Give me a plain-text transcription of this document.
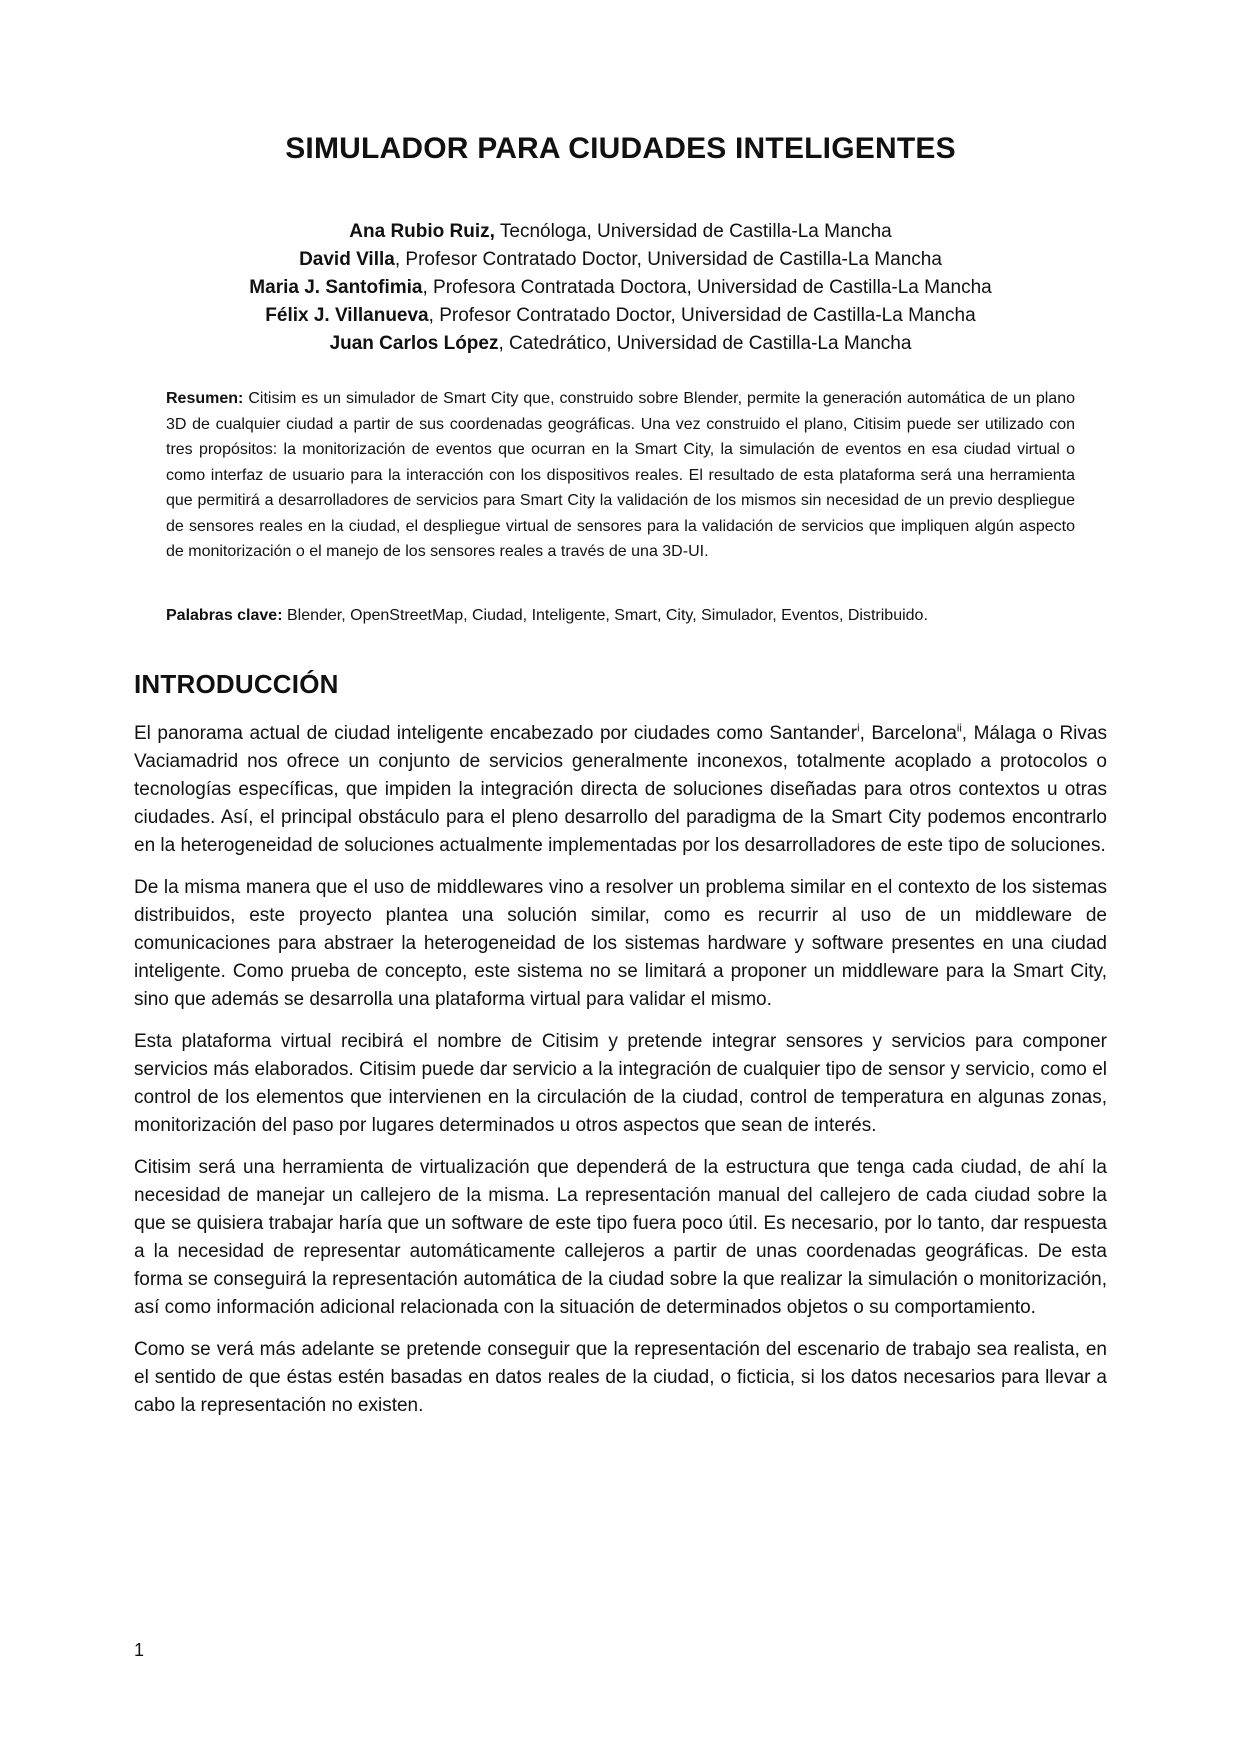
SIMULADOR PARA CIUDADES INTELIGENTES
Ana Rubio Ruiz, Tecnóloga, Universidad de Castilla-La Mancha
David Villa, Profesor Contratado Doctor, Universidad de Castilla-La Mancha
Maria J. Santofimia, Profesora Contratada Doctora, Universidad de Castilla-La Mancha
Félix J. Villanueva, Profesor Contratado Doctor, Universidad de Castilla-La Mancha
Juan Carlos López, Catedrático, Universidad de Castilla-La Mancha
Resumen: Citisim es un simulador de Smart City que, construido sobre Blender, permite la generación automática de un plano 3D de cualquier ciudad a partir de sus coordenadas geográficas. Una vez construido el plano, Citisim puede ser utilizado con tres propósitos: la monitorización de eventos que ocurran en la Smart City, la simulación de eventos en esa ciudad virtual o como interfaz de usuario para la interacción con los dispositivos reales. El resultado de esta plataforma será una herramienta que permitirá a desarrolladores de servicios para Smart City la validación de los mismos sin necesidad de un previo despliegue de sensores reales en la ciudad, el despliegue virtual de sensores para la validación de servicios que impliquen algún aspecto de monitorización o el manejo de los sensores reales a través de una 3D-UI.
Palabras clave: Blender, OpenStreetMap, Ciudad, Inteligente, Smart, City, Simulador, Eventos, Distribuido.
INTRODUCCIÓN

El panorama actual de ciudad inteligente encabezado por ciudades como Santander$^i$, Barcelona$^{ii}$, Málaga o Rivas Vaciamadrid nos ofrece un conjunto de servicios generalmente inconexos, totalmente acoplado a protocolos o tecnologías específicas, que impiden la integración directa de soluciones diseñadas para otros contextos u otras ciudades. Así, el principal obstáculo para el pleno desarrollo del paradigma de la Smart City podemos encontrarlo en la heterogeneidad de soluciones actualmente implementadas por los desarrolladores de este tipo de soluciones.

De la misma manera que el uso de middlewares vino a resolver un problema similar en el contexto de los sistemas distribuidos, este proyecto plantea una solución similar, como es recurrir al uso de un middleware de comunicaciones para abstraer la heterogeneidad de los sistemas hardware y software presentes en una ciudad inteligente. Como prueba de concepto, este sistema no se limitará a proponer un middleware para la Smart City, sino que además se desarrolla una plataforma virtual para validar el mismo.

Esta plataforma virtual recibirá el nombre de Citisim y pretende integrar sensores y servicios para componer servicios más elaborados. Citisim puede dar servicio a la integración de cualquier tipo de sensor y servicio, como el control de los elementos que intervienen en la circulación de la ciudad, control de temperatura en algunas zonas, monitorización del paso por lugares determinados u otros aspectos que sean de interés.

Citisim será una herramienta de virtualización que dependerá de la estructura que tenga cada ciudad, de ahí la necesidad de manejar un callejero de la misma. La representación manual del callejero de cada ciudad sobre la que se quisiera trabajar haría que un software de este tipo fuera poco útil. Es necesario, por lo tanto, dar respuesta a la necesidad de representar automáticamente callejeros a partir de unas coordenadas geográficas. De esta forma se conseguirá la representación automática de la ciudad sobre la que realizar la simulación o monitorización, así como información adicional relacionada con la situación de determinados objetos o su comportamiento.

Como se verá más adelante se pretende conseguir que la representación del escenario de trabajo sea realista, en el sentido de que éstas estén basadas en datos reales de la ciudad, o ficticia, si los datos necesarios para llevar a cabo la representación no existen.

1
